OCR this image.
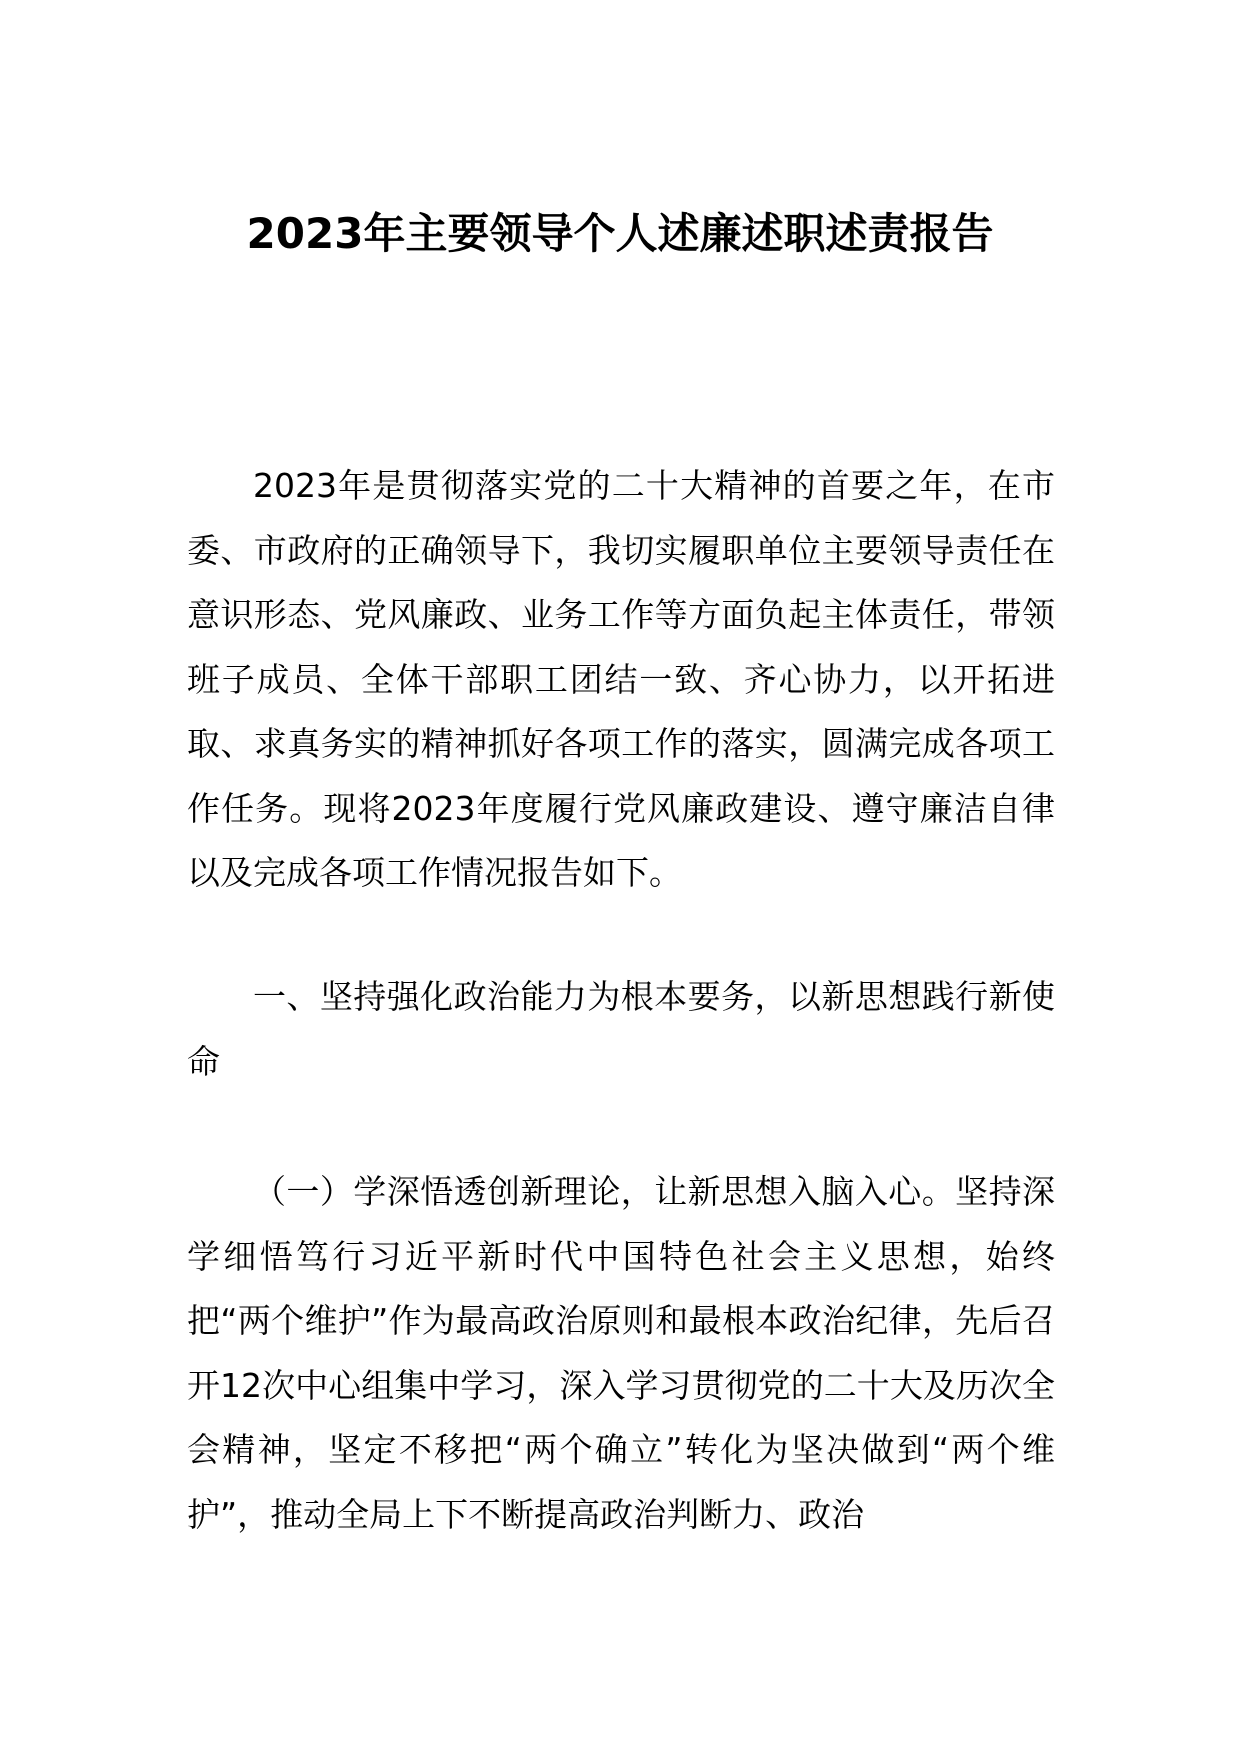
2023年主要领导个人述廉述职述责报告

2023年是贯彻落实党的二十大精神的首要之年，在市委、市政府的正确领导下，我切实履职单位主要领导责任在意识形态、党风廉政、业务工作等方面负起主体责任，带领班子成员、全体干部职工团结一致、齐心协力，以开拓进取、求真务实的精神抓好各项工作的落实，圆满完成各项工作任务。现将2023年度履行党风廉政建设、遵守廉洁自律以及完成各项工作情况报告如下。

一、坚持强化政治能力为根本要务，以新思想践行新使命

（一）学深悟透创新理论，让新思想入脑入心。坚持深学细悟笃行习近平新时代中国特色社会主义思想，始终把“两个维护”作为最高政治原则和最根本政治纪律，先后召开12次中心组集中学习，深入学习贯彻党的二十大及历次全会精神，坚定不移把“两个确立”转化为坚决做到“两个维护”，推动全局上下不断提高政治判断力、政治
